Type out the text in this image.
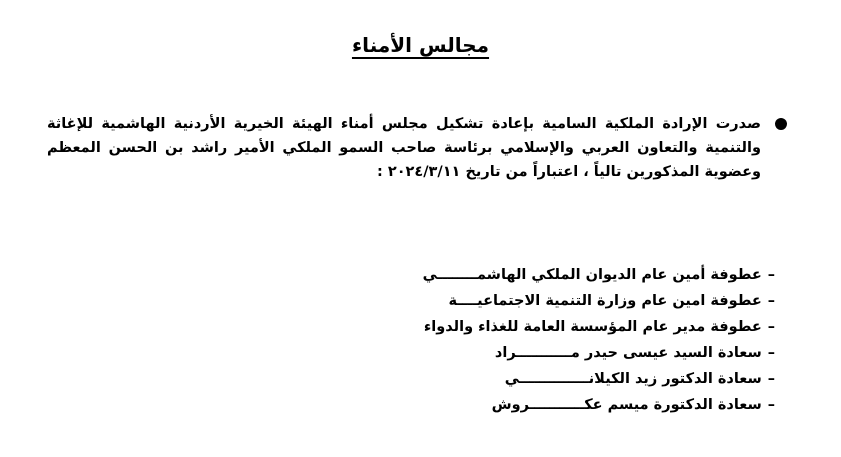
مجالس الأمناء

صدرت الإرادة الملكية السامية بإعادة تشكيل مجلس أمناء الهيئة الخيرية الأردنية الهاشمية للإغاثة والتنمية والتعاون العربي والإسلامي برئاسة صاحب السمو الملكي الأمير راشد بن الحسن المعظم وعضوية المذكورين تالياً ، اعتباراً من تاريخ ٢٠٢٤/٣/١١ :

–
عطوفة أمين عام الديوان الملكي الهاشمــــــــي
–
عطوفة امين عام وزارة التنمية الاجتماعيــــة
–
عطوفة مدير عام المؤسسة العامة للغذاء والدواء
–
سعادة السيد عيسى حيدر مـــــــــــراد
–
سعادة الدكتور زيد الكيلانــــــــــــــي
–
سعادة الدكتورة ميسم عكـــــــــــروش
